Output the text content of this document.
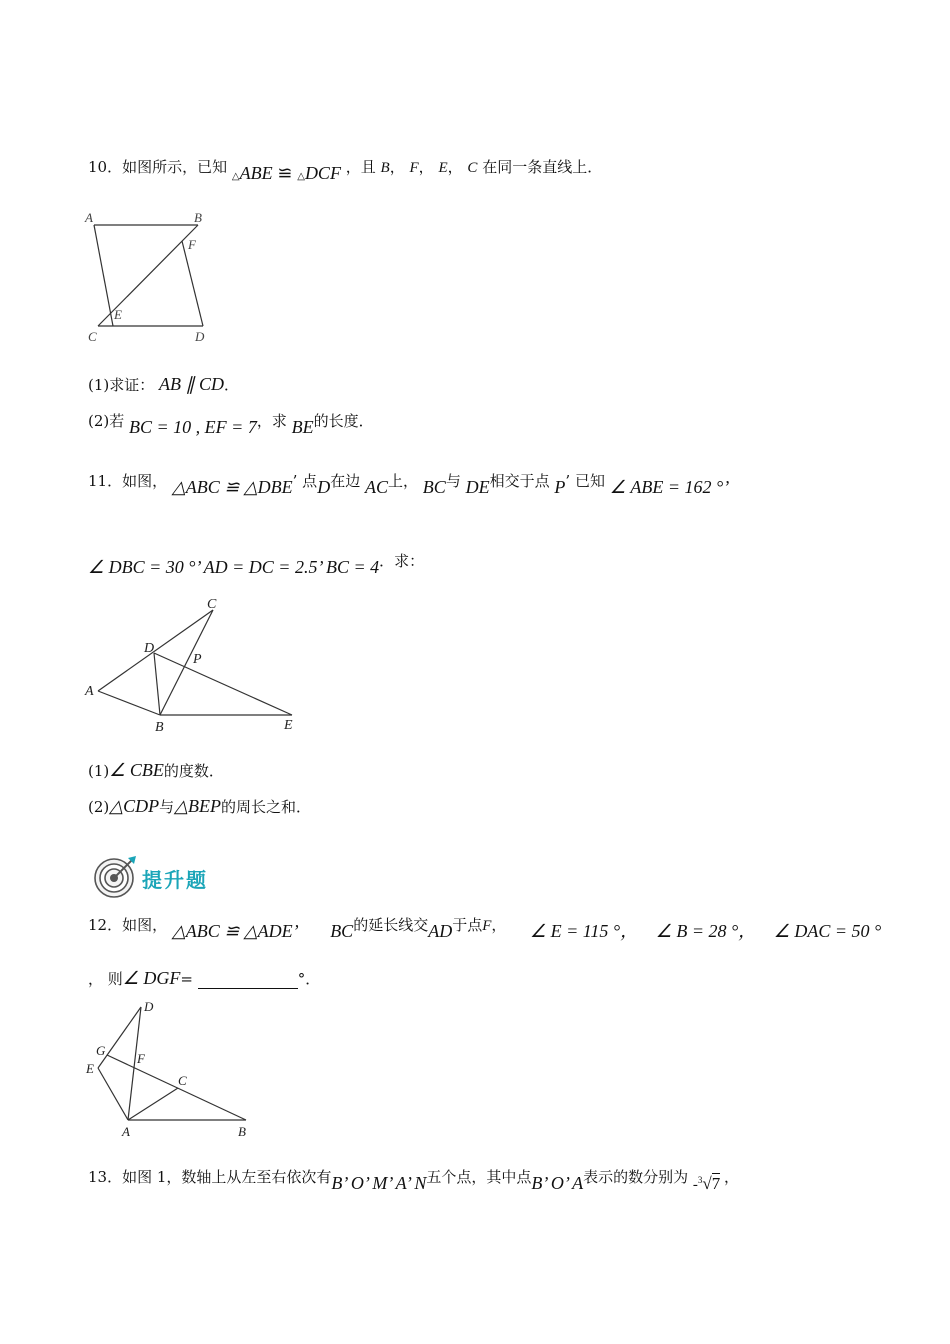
10．如图所示，已知 △ABE ≌ △DCF ，且 B， F， E， C 在同一条直线上．
A	B
F
E
C	D
(1)求证： AB ∥ CD．
(2)若 BC = 10 , EF = 7，求 BE的长度．
11．如图， △ABC ≌ △DBE’ 点D在边 AC上， BC与 DE相交于点 P’ 已知 ∠ ABE = 162 °’
∠ DBC = 30 °’ AD = DC = 2.5’ BC = 4．求：
C
D
P
A
B	E
(1)∠ CBE的度数．
(2)△CDP与△BEP的周长之和．
提升题
12．如图， △ABC ≌ △ADE’ BC的延长线交AD于点F， ∠ E = 115 °， ∠ B = 28 °， ∠ DAC = 50 °
， 则∠ DGF=	°．
D
G
F
E
C
A	B
13．如图 1，数轴上从左至右依次有B’ O’ M’ A’ N五个点，其中点B’ O’ A表示的数分别为 -$^3$√7 ，
